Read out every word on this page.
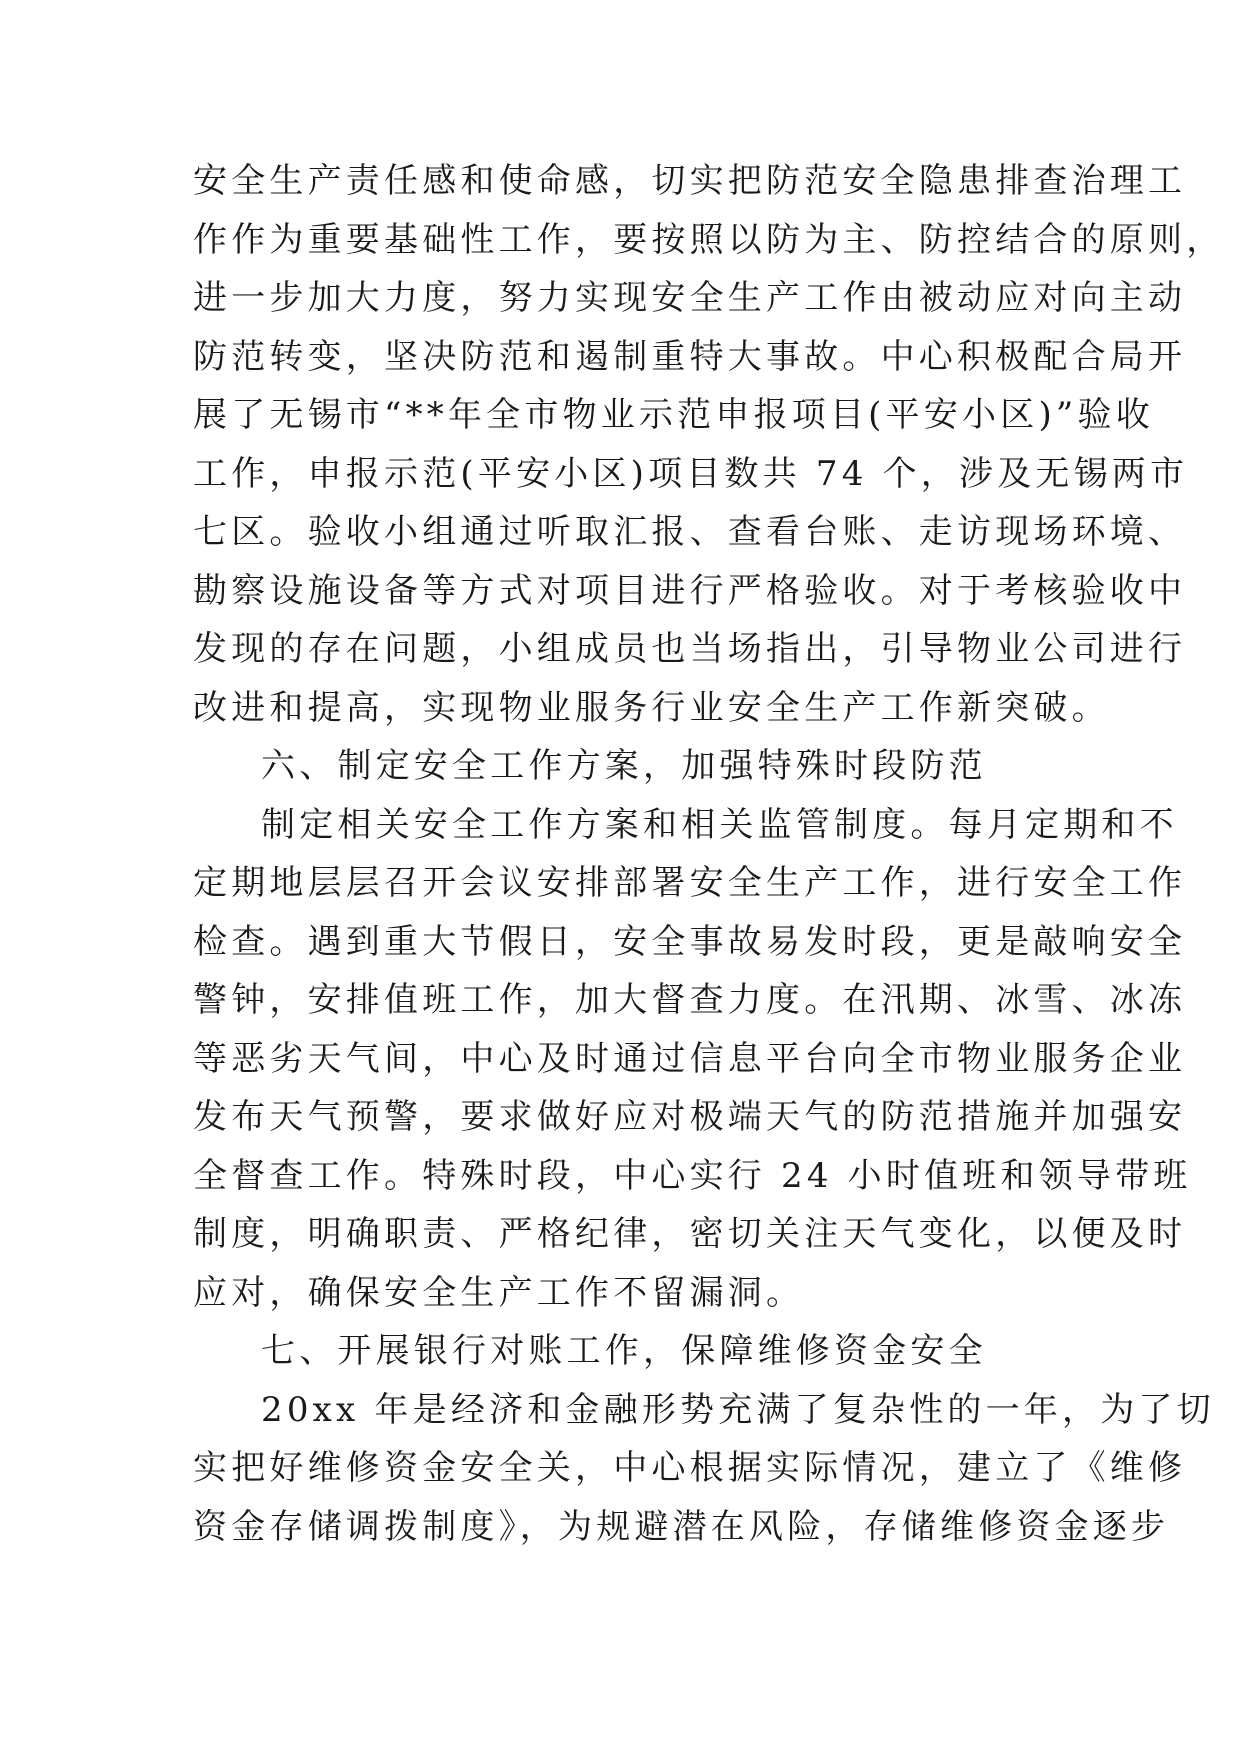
安全生产责任感和使命感，切实把防范安全隐患排查治理工
作作为重要基础性工作，要按照以防为主、防控结合的原则，
进一步加大力度，努力实现安全生产工作由被动应对向主动
防范转变，坚决防范和遏制重特大事故。中心积极配合局开
展了无锡市“**年全市物业示范申报项目(平安小区)”验收
工作，申报示范(平安小区)项目数共 74 个，涉及无锡两市
七区。验收小组通过听取汇报、查看台账、走访现场环境、
勘察设施设备等方式对项目进行严格验收。对于考核验收中
发现的存在问题，小组成员也当场指出，引导物业公司进行
改进和提高，实现物业服务行业安全生产工作新突破。
六、制定安全工作方案，加强特殊时段防范
制定相关安全工作方案和相关监管制度。每月定期和不
定期地层层召开会议安排部署安全生产工作，进行安全工作
检查。遇到重大节假日，安全事故易发时段，更是敲响安全
警钟，安排值班工作，加大督查力度。在汛期、冰雪、冰冻
等恶劣天气间，中心及时通过信息平台向全市物业服务企业
发布天气预警，要求做好应对极端天气的防范措施并加强安
全督查工作。特殊时段，中心实行 24 小时值班和领导带班
制度，明确职责、严格纪律，密切关注天气变化，以便及时
应对，确保安全生产工作不留漏洞。
七、开展银行对账工作，保障维修资金安全
20xx 年是经济和金融形势充满了复杂性的一年，为了切
实把好维修资金安全关，中心根据实际情况，建立了《维修
资金存储调拨制度》，为规避潜在风险，存储维修资金逐步
